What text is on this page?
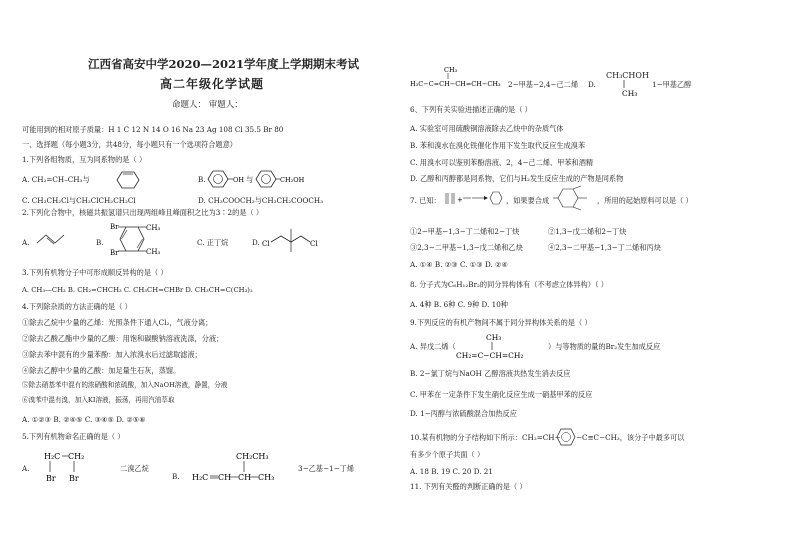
江西省高安中学2020—2021学年度上学期期末考试
高二年级化学试题
命题人： 审题人：
可能用到的相对原子质量：H 1 C 12 N 14 O 16 Na 23 Ag 108 Cl 35.5 Br 80
一、选择题（每小题3分，共48分，每小题只有一个选项符合题意）
1.下列各组物质，互为同系物的是（ ）
A. CH₂=CH–CH₃与	B.	OH 与	CH₂OH
C. CH₃CH₂Cl与CH₂ClCH₂CH₂Cl	D. CH₃COOCH₃与CH₃CH₂COOCH₃
2.下列化合物中，核磁共振氢谱只出现两组峰且峰面积之比为3∶2的是（ ）
A.	B.
Br
Br
CH₃
CH₃
C. 正丁烷	D. Cl	Cl
3.下列有机物分子中可形成顺反异构的是（ ）
A. CH₃—CH₃ B. CH₂=CHCH₃ C. CH₃CH=CHBr D. CH₃CH=C(CH₃)₂
4.下列除杂质的方法正确的是（ ）
①除去乙烷中少量的乙烯：光照条件下通入Cl₂，气液分离；
②除去乙酸乙酯中少量的乙酸：用饱和碳酸钠溶液洗涤，分液；
③除去苯中混有的少量苯酚：加入浓溴水后过滤取滤液；
④除去乙醇中少量的乙酸：加足量生石灰，蒸馏。
⑤除去硝基苯中混有的浓硝酸和浓硫酸，加入NaOH溶液，静置，分液
⑥溴苯中混有溴，加入KI溶液，振荡，再用汽油萃取
A. ①②③ B. ②④⑤ C. ③④⑤ D. ②⑤⑥
5.下列有机物命名正确的是（ ）
A.
H₂C CH₂
Br Br
二溴乙烷
B.
CH₂CH₃
H₂C CH CH CH₃
3−乙基−1−丁烯
CH₃
H₃C−C=CH−CH=CH−CH₃ 2−甲基−2,4−己二烯 D.
CH₃CHOH
CH₃
1−甲基乙醇
6、下列有关实验进描述正确的是（ ）
A. 实验室可用硫酸铜溶液除去乙炔中的杂质气体
B. 苯和溴水在溴化铁催化作用下发生取代反应生成溴苯
C. 用溴水可以鉴别苯酚溶液、2，4−己二烯、甲苯和酒精
D. 乙醇和丙醇都是同系物，它们与H₂发生反应生成的产物是同系物
7. 已知： +	，如果要合成	，所用的起始原料可以是（ ）
①2−甲基−1,3−丁二烯和2−丁炔	②1,3−戊二烯和2−丁炔
③2,3−二甲基−1,3−戊二烯和乙炔	④2,3−二甲基−1,3−丁二烯和丙炔
A. ①④ B. ②③ C. ①③ D. ②④
8. 分子式为C₆H₁₂Br₂的同分异构体有（不考虑立体异构）（ ）
A. 4种 B. 6种 C. 9种 D. 10种
9.下列反应的有机产物间不属于同分异构体关系的是（ ）
A. 异戊二烯（
CH₃
CH₂=C−CH=CH₂
）与等物质的量的Br₂发生加成反应
B. 2−氯丁烷与NaOH 乙醇溶液共热发生消去反应
C. 甲苯在一定条件下发生硝化反应生成一硝基甲苯的反应
D. 1−丙醇与浓硫酸混合加热反应
10.某有机物的分子结构如下所示：CH₂=CH− −C≡C−CH₃，该分子中最多可以
有多少个原子共面（ ）
A. 18 B. 19 C. 20 D. 21
11. 下列有关醛的判断正确的是（ ）
